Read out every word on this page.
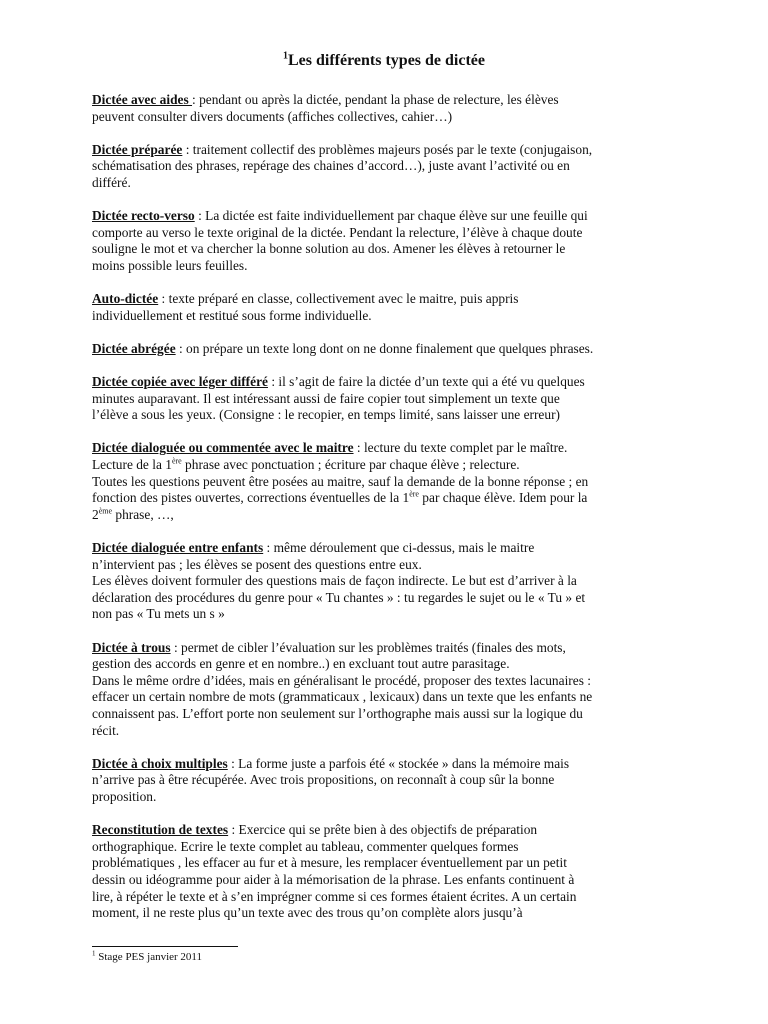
$^1$Les différents types de dictée

Dictée avec aides : pendant ou après la dictée, pendant la phase de relecture, les élèves
peuvent consulter divers documents (affiches collectives, cahier…)

Dictée préparée : traitement collectif des problèmes majeurs posés par le texte (conjugaison,
schématisation des phrases, repérage des chaines d’accord…), juste avant l’activité ou en
différé.

Dictée recto-verso : La dictée est faite individuellement par chaque élève sur une feuille qui
comporte au verso le texte original de la dictée. Pendant la relecture, l’élève à chaque doute
souligne le mot et va chercher la bonne solution au dos. Amener les élèves à retourner le
moins possible leurs feuilles.

Auto-dictée : texte préparé en classe, collectivement avec le maitre, puis appris
individuellement et restitué sous forme individuelle.

Dictée abrégée : on prépare un texte long dont on ne donne finalement que quelques phrases.

Dictée copiée avec léger différé : il s’agit de faire la dictée d’un texte qui a été vu quelques
minutes auparavant. Il est intéressant aussi de faire copier tout simplement un texte que
l’élève a sous les yeux. (Consigne : le recopier, en temps limité, sans laisser une erreur)

Dictée dialoguée ou commentée avec le maitre : lecture du texte complet par le maître.
Lecture de la 1ère phrase avec ponctuation ; écriture par chaque élève ; relecture.
Toutes les questions peuvent être posées au maitre, sauf la demande de la bonne réponse ; en
fonction des pistes ouvertes, corrections éventuelles de la 1ère par chaque élève. Idem pour la
2ème phrase, …,

Dictée dialoguée entre enfants : même déroulement que ci-dessus, mais le maitre
n’intervient pas ; les élèves se posent des questions entre eux.
Les élèves doivent formuler des questions mais de façon indirecte. Le but est d’arriver à la
déclaration des procédures du genre pour « Tu chantes » : tu regardes le sujet ou le « Tu » et
non pas « Tu mets un s »

Dictée à trous : permet de cibler l’évaluation sur les problèmes traités (finales des mots,
gestion des accords en genre et en nombre..) en excluant tout autre parasitage.
Dans le même ordre d’idées, mais en généralisant le procédé, proposer des textes lacunaires :
effacer un certain nombre de mots (grammaticaux , lexicaux) dans un texte que les enfants ne
connaissent pas. L’effort porte non seulement sur l’orthographe mais aussi sur la logique du
récit.

Dictée à choix multiples : La forme juste a parfois été « stockée » dans la mémoire mais
n’arrive pas à être récupérée. Avec trois propositions, on reconnaît à coup sûr la bonne
proposition.

Reconstitution de textes : Exercice qui se prête bien à des objectifs de préparation
orthographique. Ecrire le texte complet au tableau, commenter quelques formes
problématiques , les effacer au fur et à mesure, les remplacer éventuellement par un petit
dessin ou idéogramme pour aider à la mémorisation de la phrase. Les enfants continuent à
lire, à répéter le texte et à s’en imprégner comme si ces formes étaient écrites. A un certain
moment, il ne reste plus qu’un texte avec des trous qu’on complète alors jusqu’à

$^1$ Stage PES janvier 2011
